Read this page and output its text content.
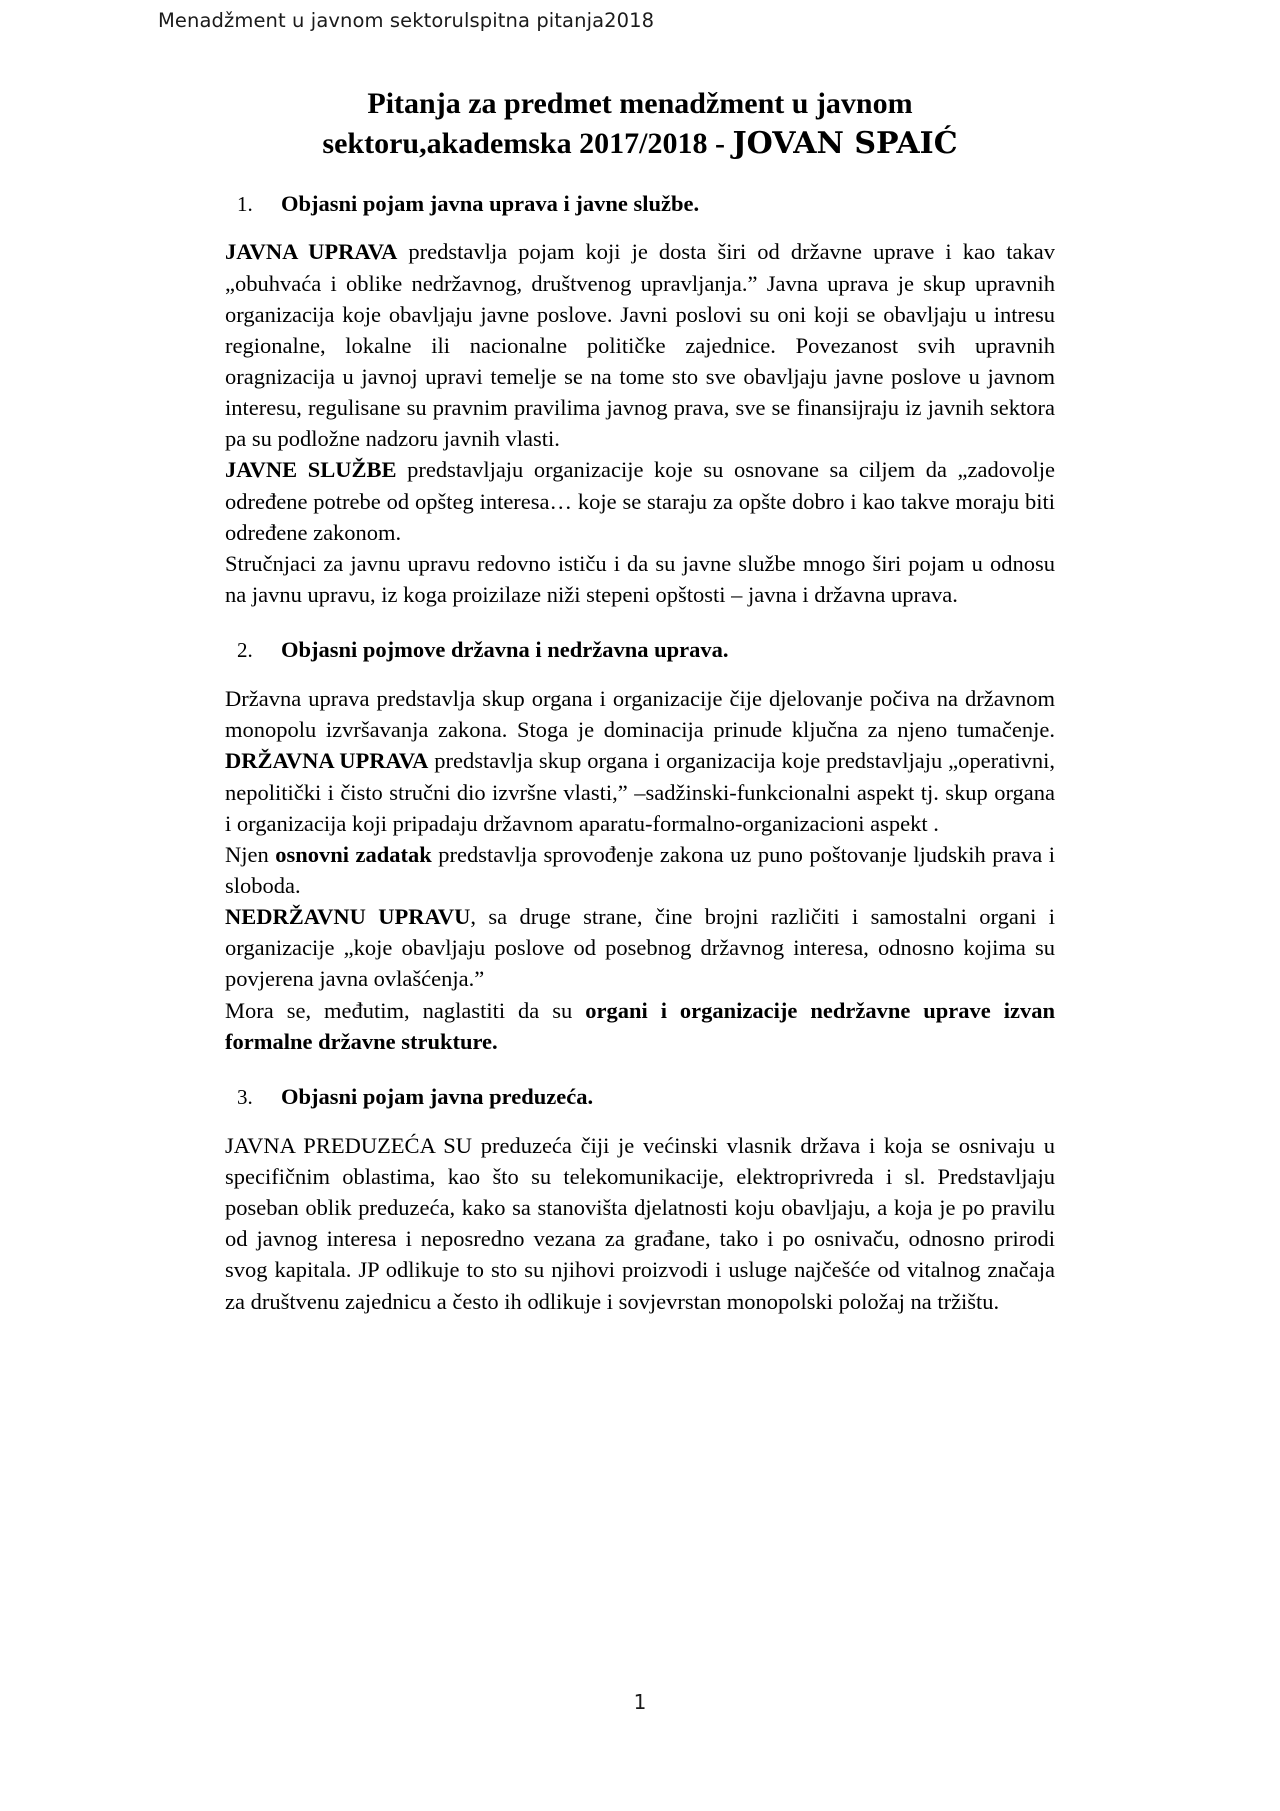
Menadžment u javnom sektorulspitna pitanja2018
Pitanja za predmet menadžment u javnom
sektoru,akademska 2017/2018 - JOVAN SPAIĆ
1.	Objasni pojam javna uprava i javne službe.

JAVNA UPRAVA predstavlja pojam koji je dosta širi od državne uprave i kao takav „obuhvaća i oblike nedržavnog, društvenog upravljanja.” Javna uprava je skup upravnih organizacija koje obavljaju javne poslove. Javni poslovi su oni koji se obavljaju u intresu regionalne, lokalne ili nacionalne političke zajednice. Povezanost svih upravnih oragnizacija u javnoj upravi temelje se na tome sto sve obavljaju javne poslove u javnom interesu, regulisane su pravnim pravilima javnog prava, sve se finansijraju iz javnih sektora pa su podložne nadzoru javnih vlasti.

JAVNE SLUŽBE predstavljaju organizacije koje su osnovane sa ciljem da „zadovolje određene potrebe od opšteg interesa… koje se staraju za opšte dobro i kao takve moraju biti određene zakonom.

Stručnjaci za javnu upravu redovno ističu i da su javne službe mnogo širi pojam u odnosu na javnu upravu, iz koga proizilaze niži stepeni opštosti – javna i državna uprava.

2.	Objasni pojmove državna i nedržavna uprava.

Državna uprava predstavlja skup organa i organizacije čije djelovanje počiva na državnom monopolu izvršavanja zakona. Stoga je dominacija prinude ključna za njeno tumačenje. DRŽAVNA UPRAVA predstavlja skup organa i organizacija koje predstavljaju „operativni, nepolitički i čisto stručni dio izvršne vlasti,” –sadžinski-funkcionalni aspekt tj. skup organa i organizacija koji pripadaju državnom aparatu-formalno-organizacioni aspekt .

Njen osnovni zadatak predstavlja sprovođenje zakona uz puno poštovanje ljudskih prava i sloboda.

NEDRŽAVNU UPRAVU, sa druge strane, čine brojni različiti i samostalni organi i organizacije „koje obavljaju poslove od posebnog državnog interesa, odnosno kojima su povjerena javna ovlašćenja.”

Mora se, međutim, naglastiti da su organi i organizacije nedržavne uprave izvan formalne državne strukture.

3.	Objasni pojam javna preduzeća.

JAVNA PREDUZEĆA SU preduzeća čiji je većinski vlasnik država i koja se osnivaju u specifičnim oblastima, kao što su telekomunikacije, elektroprivreda i sl. Predstavljaju poseban oblik preduzeća, kako sa stanovišta djelatnosti koju obavljaju, a koja je po pravilu od javnog interesa i neposredno vezana za građane, tako i po osnivaču, odnosno prirodi svog kapitala. JP odlikuje to sto su njihovi proizvodi i usluge najčešće od vitalnog značaja za društvenu zajednicu a često ih odlikuje i sovjevrstan monopolski položaj na tržištu.

1
